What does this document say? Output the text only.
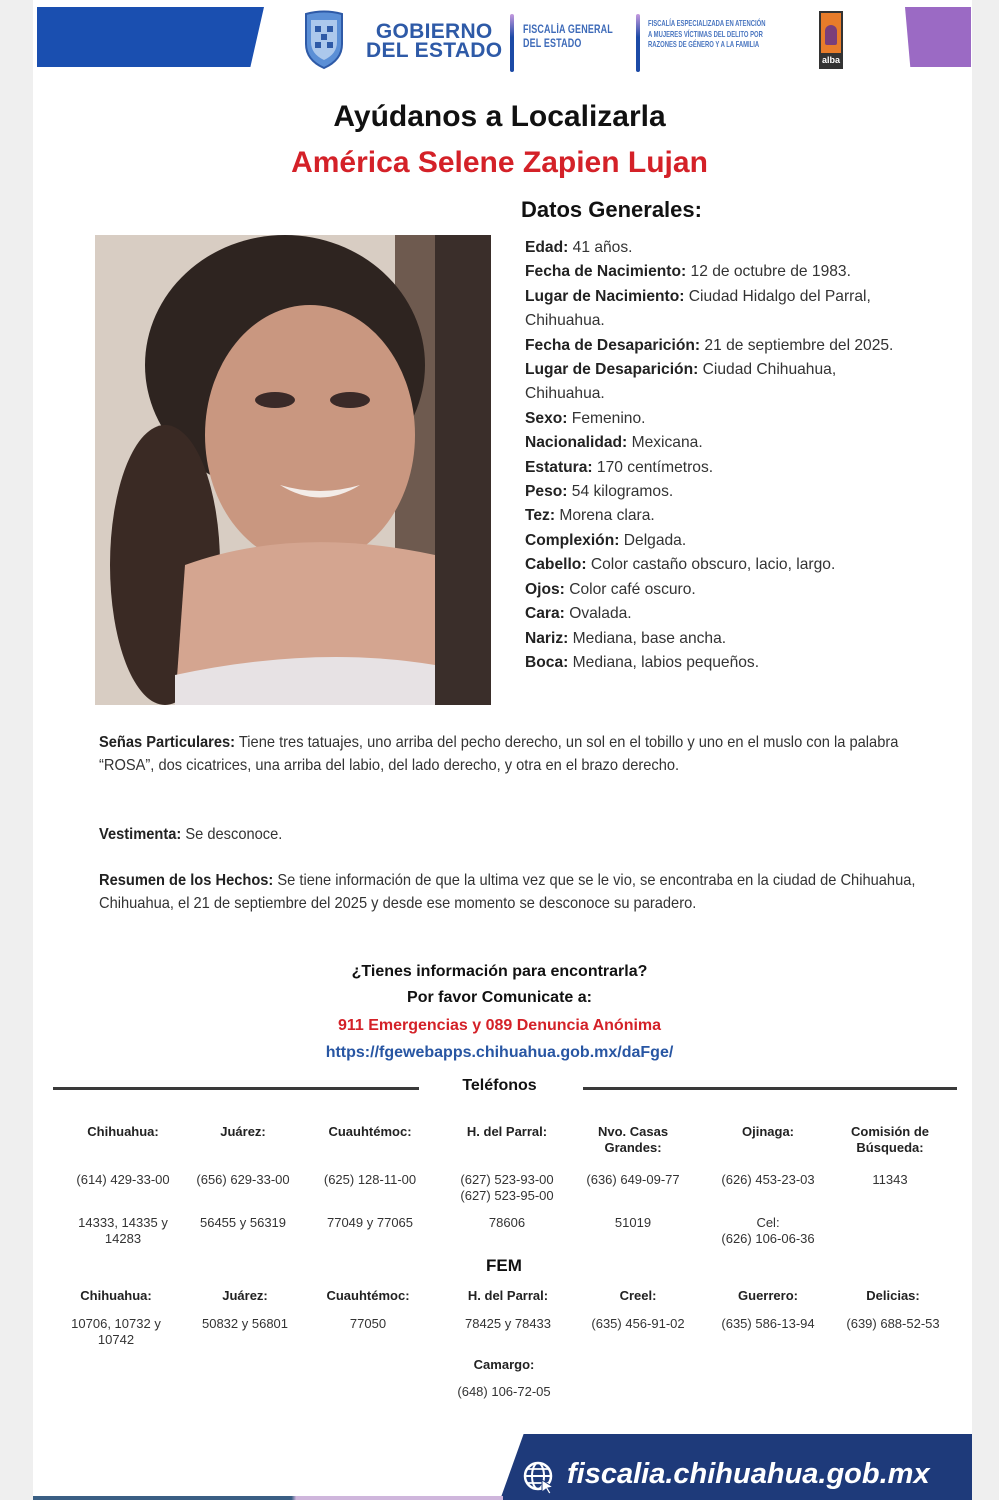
GOBIERNO
DEL ESTADO
FISCALÍA GENERAL
DEL ESTADO
FISCALÍA ESPECIALIZADA EN ATENCIÓN
A MUJERES VÍCTIMAS DEL DELITO POR
RAZONES DE GÉNERO Y A LA FAMILIA
alba
Ayúdanos a Localizarla
América Selene Zapien Lujan
Datos Generales:
Edad: 41 años.
Fecha de Nacimiento: 12 de octubre de 1983.
Lugar de Nacimiento: Ciudad Hidalgo del Parral, Chihuahua.
Fecha de Desaparición: 21 de septiembre del 2025.
Lugar de Desaparición: Ciudad Chihuahua, Chihuahua.
Sexo: Femenino.
Nacionalidad: Mexicana.
Estatura: 170 centímetros.
Peso: 54 kilogramos.
Tez: Morena clara.
Complexión: Delgada.
Cabello: Color castaño obscuro, lacio, largo.
Ojos: Color café oscuro.
Cara: Ovalada.
Nariz: Mediana, base ancha.
Boca: Mediana, labios pequeños.
Señas Particulares: Tiene tres tatuajes, uno arriba del pecho derecho, un sol en el tobillo y uno en el muslo con la palabra “ROSA”, dos cicatrices, una arriba del labio, del lado derecho, y otra en el brazo derecho.
Vestimenta: Se desconoce.
Resumen de los Hechos: Se tiene información de que la ultima vez que se le vio, se encontraba en la ciudad de Chihuahua, Chihuahua, el 21 de septiembre del 2025 y desde ese momento se desconoce su paradero.
¿Tienes información para encontrarla?
Por favor Comunicate a:
911 Emergencias y 089 Denuncia Anónima
https://fgewebapps.chihuahua.gob.mx/daFge/
Teléfonos
Chihuahua:
(614) 429-33-00
14333, 14335 y
14283
Juárez:
(656) 629-33-00
56455 y 56319
Cuauhtémoc:
(625) 128-11-00
77049 y 77065
H. del Parral:
(627) 523-93-00
(627) 523-95-00
78606
Nvo. Casas
Grandes:
(636) 649-09-77
51019
Ojinaga:
(626) 453-23-03
Cel:
(626) 106-06-36
Comisión de
Búsqueda:
11343
FEM
Chihuahua:
10706, 10732 y
10742
Juárez:
50832 y 56801
Cuauhtémoc:
77050
H. del Parral:
78425 y 78433
Creel:
(635) 456-91-02
Guerrero:
(635) 586-13-94
Delicias:
(639) 688-52-53
Camargo:
(648) 106-72-05
fiscalia.chihuahua.gob.mx
